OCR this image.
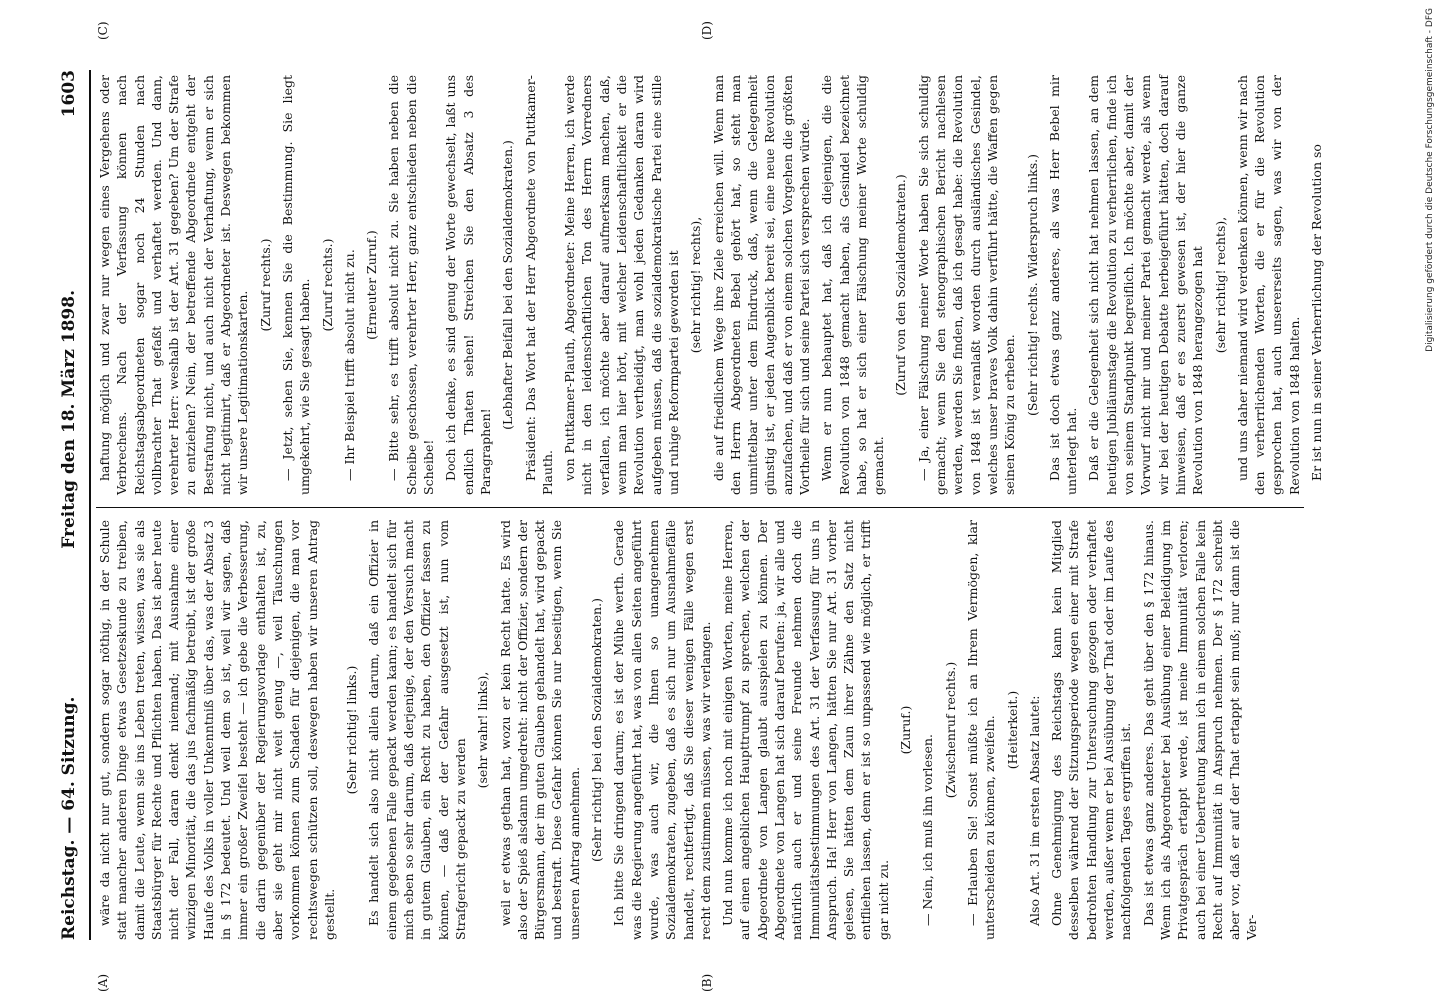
Reichstag. — 64. Sitzung.
Freitag den 18. März 1898.
1603
(A)	(B)
(C)	(D)

wäre da nicht nur gut, sondern sogar nöthig, in der Schule statt mancher anderen Dinge etwas Gesetzeskunde zu treiben, damit die Leute, wenn sie ins Leben treten, wissen, was sie als Staatsbürger für Rechte und Pflichten haben. Das ist aber heute nicht der Fall, daran denkt niemand; mit Ausnahme einer winzigen Minorität, die das jus fachmäßig betreibt, ist der große Haufe des Volks in voller Unkenntniß über das, was der Absatz 3 in § 172 bedeutet. Und weil dem so ist, weil wir sagen, daß immer ein großer Zweifel besteht — ich gebe die Verbesserung, die darin gegenüber der Regierungsvorlage enthalten ist, zu, aber sie geht mir nicht weit genug —, weil Täuschungen vorkommen können zum Schaden für diejenigen, die man vor rechtswegen schützen soll, deswegen haben wir unseren Antrag gestellt.

(Sehr richtig! links.) Es handelt sich also nicht allein darum, daß ein Offizier in einem gegebenen Falle gepackt werden kann; es handelt sich für mich eben so sehr darum, daß derjenige, der den Versuch macht in gutem Glauben, ein Recht zu haben, den Offizier fassen zu können, — daß der der Gefahr ausgesetzt ist, nun vom Strafgericht gepackt zu werden

(sehr wahr! links), weil er etwas gethan hat, wozu er kein Recht hatte. Es wird also der Spieß alsdann umgedreht: nicht der Offizier, sondern der Bürgersmann, der im guten Glauben gehandelt hat, wird gepackt und bestraft. Diese Gefahr können Sie nur beseitigen, wenn Sie unseren Antrag annehmen. (Sehr richtig! bei den Sozialdemokraten.) Ich bitte Sie dringend darum; es ist der Mühe werth. Gerade was die Regierung angeführt hat, was von allen Seiten angeführt wurde, was auch wir, die Ihnen so unangenehmen Sozialdemokraten, zugeben, daß es sich nur um Ausnahmefälle handelt, rechtfertigt, daß Sie dieser wenigen Fälle wegen erst recht dem zustimmen müssen, was wir verlangen. Und nun komme ich noch mit einigen Worten, meine Herren, auf einen angeblichen Haupttrumpf zu sprechen, welchen der Abgeordnete von Langen glaubt ausspielen zu können. Der Abgeordnete von Langen hat sich darauf berufen: ja, wir alle und natürlich auch er und seine Freunde nehmen doch die Immunitätsbestimmungen des Art. 31 der Verfassung für uns in Anspruch. Ha! Herr von Langen, hätten Sie nur Art. 31 vorher gelesen, Sie hätten dem Zaun ihrer Zähne den Satz nicht entfliehen lassen, denn er ist so unpassend wie möglich, er trifft gar nicht zu.

(Zuruf.)

— Nein, ich muß ihn vorlesen.

(Zwischenruf rechts.) — Erlauben Sie! Sonst müßte ich an Ihrem Vermögen, klar unterscheiden zu können, zweifeln. (Heiterkeit.) Also Art. 31 im ersten Absatz lautet: Ohne Genehmigung des Reichstags kann kein Mitglied desselben während der Sitzungsperiode wegen einer mit Strafe bedrohten Handlung zur Untersuchung gezogen oder verhaftet werden, außer wenn er bei Ausübung der That oder im Laufe des nachfolgenden Tages ergriffen ist. Das ist etwas ganz anderes. Das geht über den § 172 hinaus. Wenn ich als Abgeordneter bei Ausübung einer Beleidigung im Privatgespräch ertappt werde, ist meine Immunität verloren; auch bei einer Uebertretung kann ich in einem solchen Falle kein Recht auf Immunität in Anspruch nehmen. Der § 172 schreibt aber vor, daß er auf der That ertappt sein muß; nur dann ist die Ver-

haftung möglich und zwar nur wegen eines Vergehens oder Verbrechens. Nach der Verfassung können nach Reichstagsabgeordneten sogar noch 24 Stunden nach vollbrachter That gefaßt und verhaftet werden. Und dann, verehrter Herr: weshalb ist der Art. 31 gegeben? Um der Strafe zu entziehen? Nein, der betreffende Abgeordnete entgeht der Bestrafung nicht, und auch nicht der Verhaftung, wenn er sich nicht legitimirt, daß er Abgeordneter ist. Deswegen bekommen wir unsere Legitimationskarten.

(Zuruf rechts.) — Jetzt, sehen Sie, kennen Sie die Bestimmung. Sie liegt umgekehrt, wie Sie gesagt haben. (Zuruf rechts.) — Ihr Beispiel trifft absolut nicht zu. (Erneuter Zuruf.) — Bitte sehr, es trifft absolut nicht zu. Sie haben neben die Scheibe geschossen, verehrter Herr, ganz entschieden neben die Scheibe! Doch ich denke, es sind genug der Worte gewechselt, laßt uns endlich Thaten sehen! Streichen Sie den Absatz 3 des Paragraphen!

(Lebhafter Beifall bei den Sozialdemokraten.) Präsident: Das Wort hat der Herr Abgeordnete von Puttkamer-Plauth. von Puttkamer-Plauth, Abgeordneter: Meine Herren, ich werde nicht in den leidenschaftlichen Ton des Herrn Vorredners verfallen, ich möchte aber darauf aufmerksam machen, daß, wenn man hier hört, mit welcher Leidenschaftlichkeit er die Revolution vertheidigt, man wohl jeden Gedanken daran wird aufgeben müssen, daß die sozialdemokratische Partei eine stille und ruhige Reformpartei geworden ist (sehr richtig! rechts), die auf friedlichem Wege ihre Ziele erreichen will. Wenn man den Herrn Abgeordneten Bebel gehört hat, so steht man unmittelbar unter dem Eindruck, daß, wenn die Gelegenheit günstig ist, er jeden Augenblick bereit sei, eine neue Revolution anzufachen, und daß er von einem solchen Vorgehen die größten Vortheile für sich und seine Partei sich versprechen würde. Wenn er nun behauptet hat, daß ich diejenigen, die die Revolution von 1848 gemacht haben, als Gesindel bezeichnet habe, so hat er sich einer Fälschung meiner Worte schuldig gemacht.

(Zuruf von den Sozialdemokraten.) — Ja, einer Fälschung meiner Worte haben Sie sich schuldig gemacht; wenn Sie den stenographischen Bericht nachlesen werden, werden Sie finden, daß ich gesagt habe: die Revolution von 1848 ist veranlaßt worden durch ausländisches Gesindel, welches unser braves Volk dahin verführt hätte, die Waffen gegen seinen König zu erheben. (Sehr richtig! rechts. Widerspruch links.) Das ist doch etwas ganz anderes, als was Herr Bebel mir unterlegt hat. Daß er die Gelegenheit sich nicht hat nehmen lassen, an dem heutigen Jubiläumstage die Revolution zu verherrlichen, finde ich von seinem Standpunkt begreiflich. Ich möchte aber, damit der Vorwurf nicht mir und meiner Partei gemacht werde, als wenn wir bei der heutigen Debatte herbeigeführt hätten, doch darauf hinweisen, daß er es zuerst gewesen ist, der hier die ganze Revolution von 1848 herangezogen hat (sehr richtig! rechts), und uns daher niemand wird verdenken können, wenn wir nach den verherrlichenden Worten, die er für die Revolution gesprochen hat, auch unsererseits sagen, was wir von der Revolution von 1848 halten. Er ist nun in seiner Verherrlichung der Revolution so	Digitalisierung gefördert durch die Deutsche Forschungsgemeinschaft - DFG
